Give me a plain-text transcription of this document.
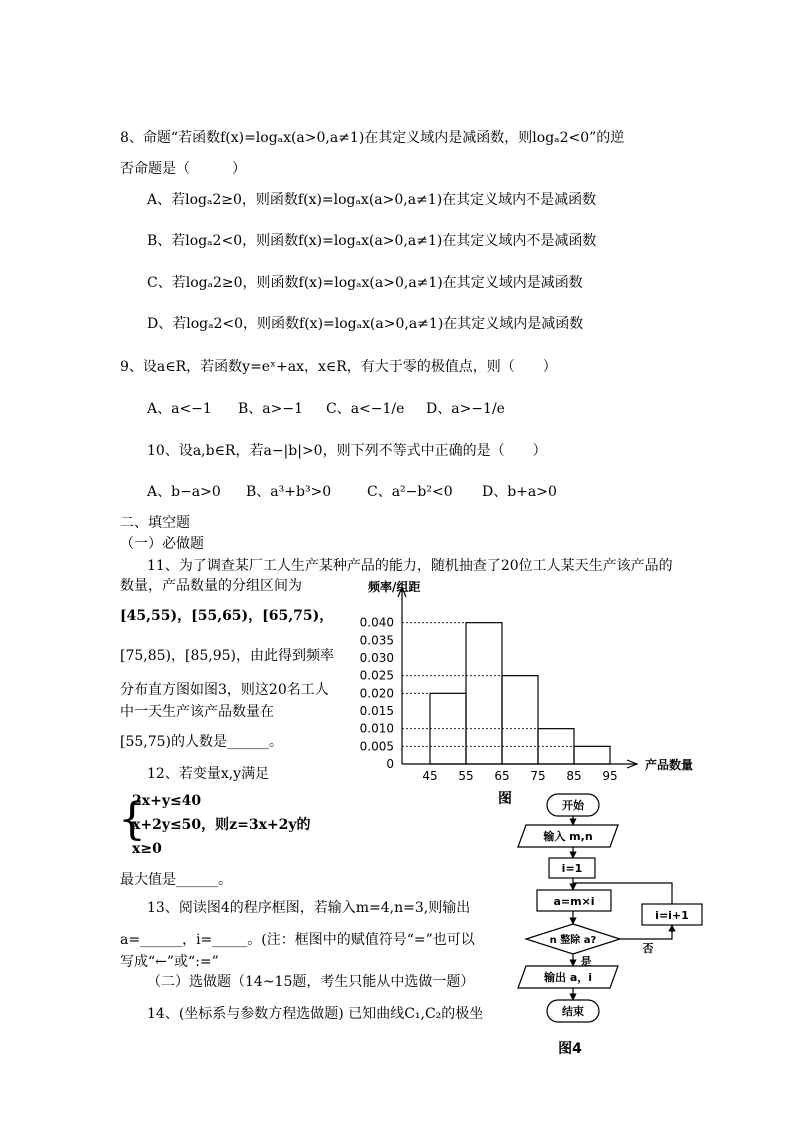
8、命题“若函数f(x)=logₐx(a>0,a≠1)在其定义域内是减函数，则logₐ2<0”的逆
否命题是（　　　）
A、若logₐ2≥0，则函数f(x)=logₐx(a>0,a≠1)在其定义域内不是减函数
B、若logₐ2<0，则函数f(x)=logₐx(a>0,a≠1)在其定义域内不是减函数
C、若logₐ2≥0，则函数f(x)=logₐx(a>0,a≠1)在其定义域内是减函数
D、若logₐ2<0，则函数f(x)=logₐx(a>0,a≠1)在其定义域内是减函数
9、设a∈R，若函数y=eˣ+ax，x∈R，有大于零的极值点，则（　　）
A、a<−1 B、a>−1 C、a<−1/e D、a>−1/e
10、设a,b∈R，若a−|b|>0，则下列不等式中正确的是（　　）
A、b−a>0 B、a³+b³>0	C、a²−b²<0 D、b+a>0
二、填空题
（一）必做题
11、为了调查某厂工人生产某种产品的能力，随机抽查了20位工人某天生产该产品的
数量，产品数量的分组区间为
[45,55)，[55,65)，[65,75)，
[75,85)，[85,95)，由此得到频率
分布直方图如图3，则这20名工人
中一天生产该产品数量在
[55,75)的人数是______。
12、若变量x,y满足
{
2x+y≤40
x+2y≤50，则z=3x+2y的
x≥0
最大值是______。
13、阅读图4的程序框图，若输入m=4,n=3,则输出
a=______，i=_____。(注：框图中的赋值符号“=”也可以
写成“←”或“:=”
（二）选做题（14~15题，考生只能从中选做一题）
14、(坐标系与参数方程选做题) 已知曲线C₁,C₂的极坐
0
0.005
0.010
0.015
0.020
0.025
0.030
0.035
0.040
45 55 65 75 85 95
频率/组距
产品数量
图	开始
输入 m,n
i=1
a=m×i
n 整除 a?
i=i+1
输出 a，i
结束
是
否
图4
